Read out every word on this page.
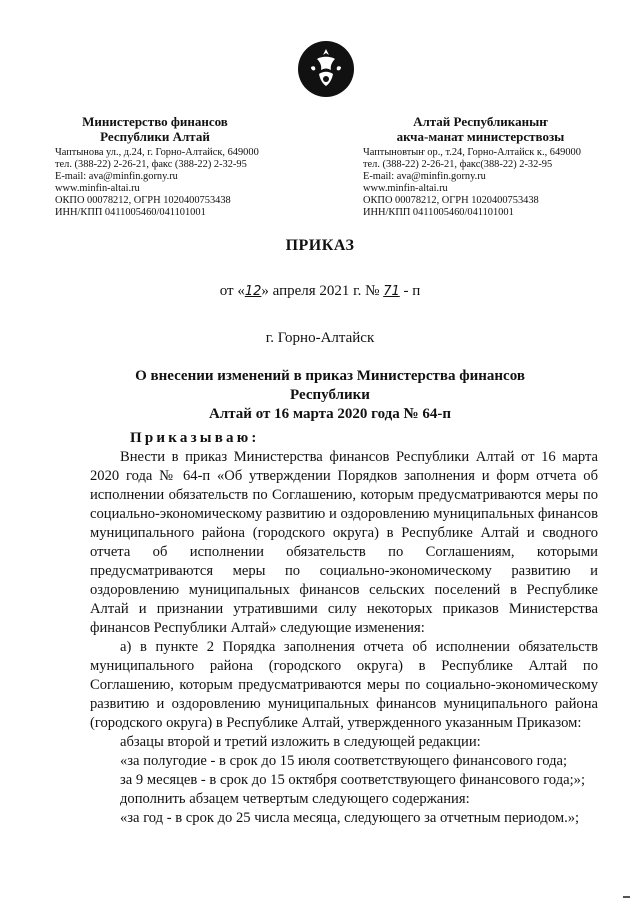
Министерство финансов
Республики Алтай
Чаптынова ул., д.24, г. Горно-Алтайск, 649000
тел. (388-22) 2-26-21, факс (388-22) 2-32-95
E-mail: ava@minfin.gorny.ru
www.minfin-altai.ru
ОКПО 00078212, ОГРН 1020400753438
ИНН/КПП 0411005460/041101001
Алтай Республиканыҥ
акча-манат министерствозы
Чаптыновтыҥ ор., т.24, Горно-Алтайск к., 649000
тел. (388-22) 2-26-21, факс(388-22) 2-32-95
E-mail: ava@minfin.gorny.ru
www.minfin-altai.ru
ОКПО 00078212, ОГРН 1020400753438
ИНН/КПП 0411005460/041101001
ПРИКАЗ
от «12» апреля 2021 г. № 71 - п
г. Горно-Алтайск
О внесении изменений в приказ Министерства финансов Республики
Алтай от 16 марта 2020 года № 64-п
Приказываю:

Внести в приказ Министерства финансов Республики Алтай от 16 марта 2020 года № 64-п «Об утверждении Порядков заполнения и форм отчета об исполнении обязательств по Соглашению, которым предусматриваются меры по социально-экономическому развитию и оздоровлению муниципальных финансов муниципального района (городского округа) в Республике Алтай и сводного отчета об исполнении обязательств по Соглашениям, которыми предусматриваются меры по социально-экономическому развитию и оздоровлению муниципальных финансов сельских поселений в Республике Алтай и признании утратившими силу некоторых приказов Министерства финансов Республики Алтай» следующие изменения:

а) в пункте 2 Порядка заполнения отчета об исполнении обязательств муниципального района (городского округа) в Республике Алтай по Соглашению, которым предусматриваются меры по социально-экономическому развитию и оздоровлению муниципальных финансов муниципального района (городского округа) в Республике Алтай, утвержденного указанным Приказом:

абзацы второй и третий изложить в следующей редакции:

«за полугодие - в срок до 15 июля соответствующего финансового года;

за 9 месяцев - в срок до 15 октября соответствующего финансового года;»;

дополнить абзацем четвертым следующего содержания:

«за год - в срок до 25 числа месяца, следующего за отчетным периодом.»;
